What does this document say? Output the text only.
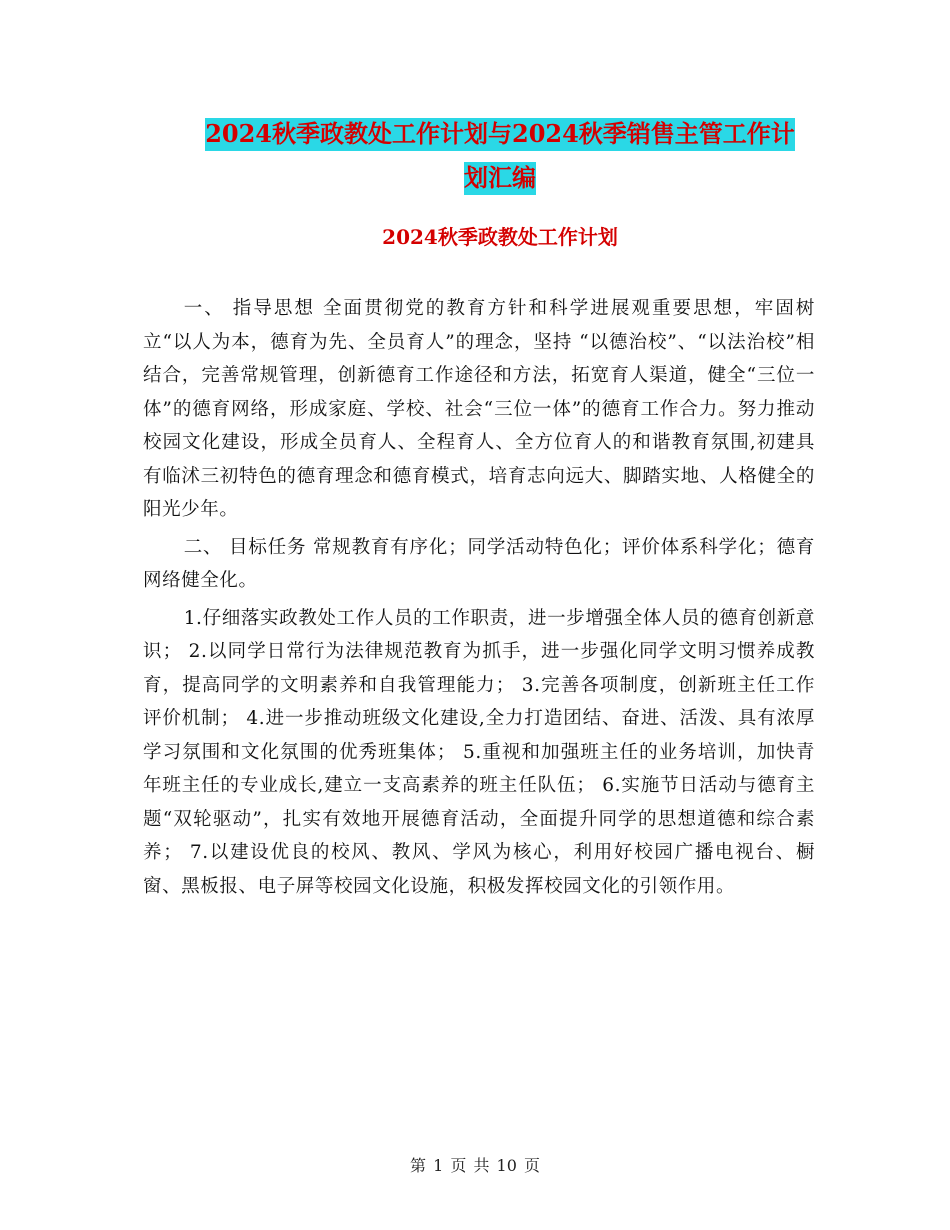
2024秋季政教处工作计划与2024秋季销售主管工作计
划汇编
2024秋季政教处工作计划

一、 指导思想 全面贯彻党的教育方针和科学进展观重要思想，牢固树立“以人为本，德育为先、全员育人”的理念，坚持 “以德治校”、“以法治校”相结合，完善常规管理，创新德育工作途径和方法，拓宽育人渠道，健全“三位一体”的德育网络，形成家庭、学校、社会“三位一体”的德育工作合力。努力推动校园文化建设，形成全员育人、全程育人、全方位育人的和谐教育氛围,初建具有临沭三初特色的德育理念和德育模式，培育志向远大、脚踏实地、人格健全的阳光少年。

二、 目标任务 常规教育有序化；同学活动特色化；评价体系科学化；德育网络健全化。

1.仔细落实政教处工作人员的工作职责，进一步增强全体人员的德育创新意识； 2.以同学日常行为法律规范教育为抓手，进一步强化同学文明习惯养成教育，提高同学的文明素养和自我管理能力； 3.完善各项制度，创新班主任工作评价机制； 4.进一步推动班级文化建设,全力打造团结、奋进、活泼、具有浓厚学习氛围和文化氛围的优秀班集体； 5.重视和加强班主任的业务培训，加快青年班主任的专业成长,建立一支高素养的班主任队伍； 6.实施节日活动与德育主题“双轮驱动”，扎实有效地开展德育活动，全面提升同学的思想道德和综合素养； 7.以建设优良的校风、教风、学风为核心，利用好校园广播电视台、橱窗、黑板报、电子屏等校园文化设施，积极发挥校园文化的引领作用。

第 1 页 共 10 页
